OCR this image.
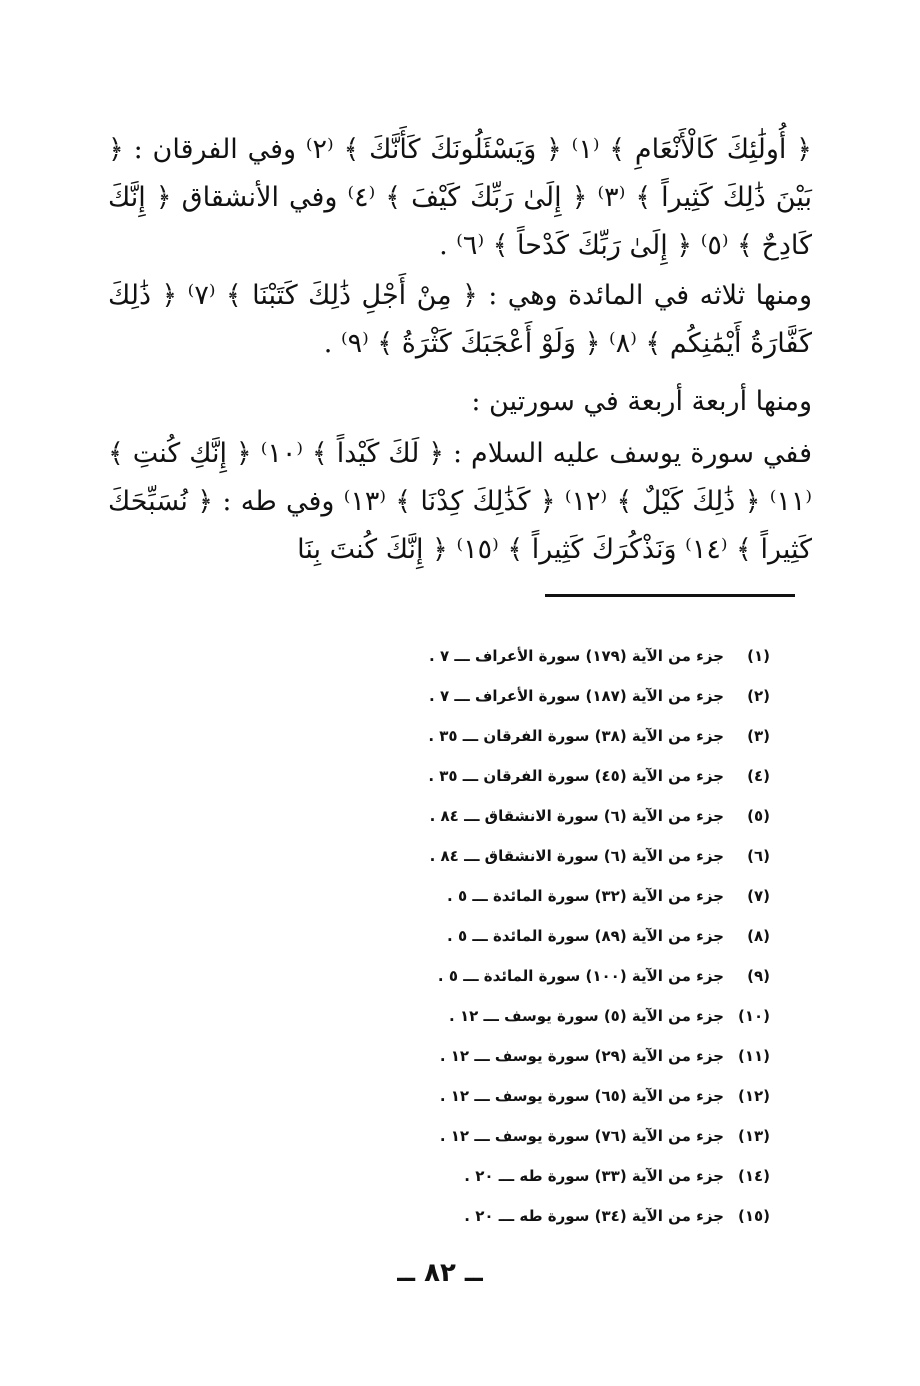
﴿ أُولَٰئِكَ كَالْأَنْعَامِ ﴾ ⁽١⁾ ﴿ وَيَسْئَلُونَكَ كَأَنَّكَ ﴾ ⁽٢⁾ وفي الفرقان : ﴿ بَيْنَ ذَٰلِكَ كَثِيراً ﴾ ⁽٣⁾ ﴿ إِلَىٰ رَبِّكَ كَيْفَ ﴾ ⁽٤⁾ وفي الأنشقاق ﴿ إِنَّكَ كَادِحٌ ﴾ ⁽٥⁾ ﴿ إِلَىٰ رَبِّكَ كَدْحاً ﴾ ⁽٦⁾ .

ومنها ثلاثه في المائدة وهي : ﴿ مِنْ أَجْلِ ذَٰلِكَ كَتَبْنَا ﴾ ⁽٧⁾ ﴿ ذَٰلِكَ كَفَّارَةُ أَيْمَٰنِكُم ﴾ ⁽٨⁾ ﴿ وَلَوْ أَعْجَبَكَ كَثْرَةُ ﴾ ⁽٩⁾ .

ومنها أربعة أربعة في سورتين :

ففي سورة يوسف عليه السلام : ﴿ لَكَ كَيْداً ﴾ ⁽١٠⁾ ﴿ إِنَّكِ كُنتِ ﴾ ⁽١١⁾ ﴿ ذَٰلِكَ كَيْلٌ ﴾ ⁽١٢⁾ ﴿ كَذَٰلِكَ كِدْنَا ﴾ ⁽١٣⁾ وفي طه : ﴿ نُسَبِّحَكَ كَثِيراً ﴾ ⁽١٤⁾ وَنَذْكُرَكَ كَثِيراً ﴾ ⁽١٥⁾ ﴿ إِنَّكَ كُنتَ بِنَا

(١)
جزء من الآية (١٧٩) سورة الأعراف ـــ ٧ .
(٢)
جزء من الآية (١٨٧) سورة الأعراف ـــ ٧ .
(٣)
جزء من الآية (٣٨) سورة الفرقان ـــ ٣٥ .
(٤)
جزء من الآية (٤٥) سورة الفرقان ـــ ٣٥ .
(٥)
جزء من الآية (٦) سورة الانشقاق ـــ ٨٤ .
(٦)
جزء من الآية (٦) سورة الانشقاق ـــ ٨٤ .
(٧)
جزء من الآية (٣٢) سورة المائدة ـــ ٥ .
(٨)
جزء من الآية (٨٩) سورة المائدة ـــ ٥ .
(٩)
جزء من الآية (١٠٠) سورة المائدة ـــ ٥ .
(١٠)
جزء من الآية (٥) سورة يوسف ـــ ١٢ .
(١١)
جزء من الآية (٢٩) سورة يوسف ـــ ١٢ .
(١٢)
جزء من الآية (٦٥) سورة يوسف ـــ ١٢ .
(١٣)
جزء من الآية (٧٦) سورة يوسف ـــ ١٢ .
(١٤)
جزء من الآية (٣٣) سورة طه ـــ ٢٠ .
(١٥)
جزء من الآية (٣٤) سورة طه ـــ ٢٠ .
ــ ٨٢ ــ
